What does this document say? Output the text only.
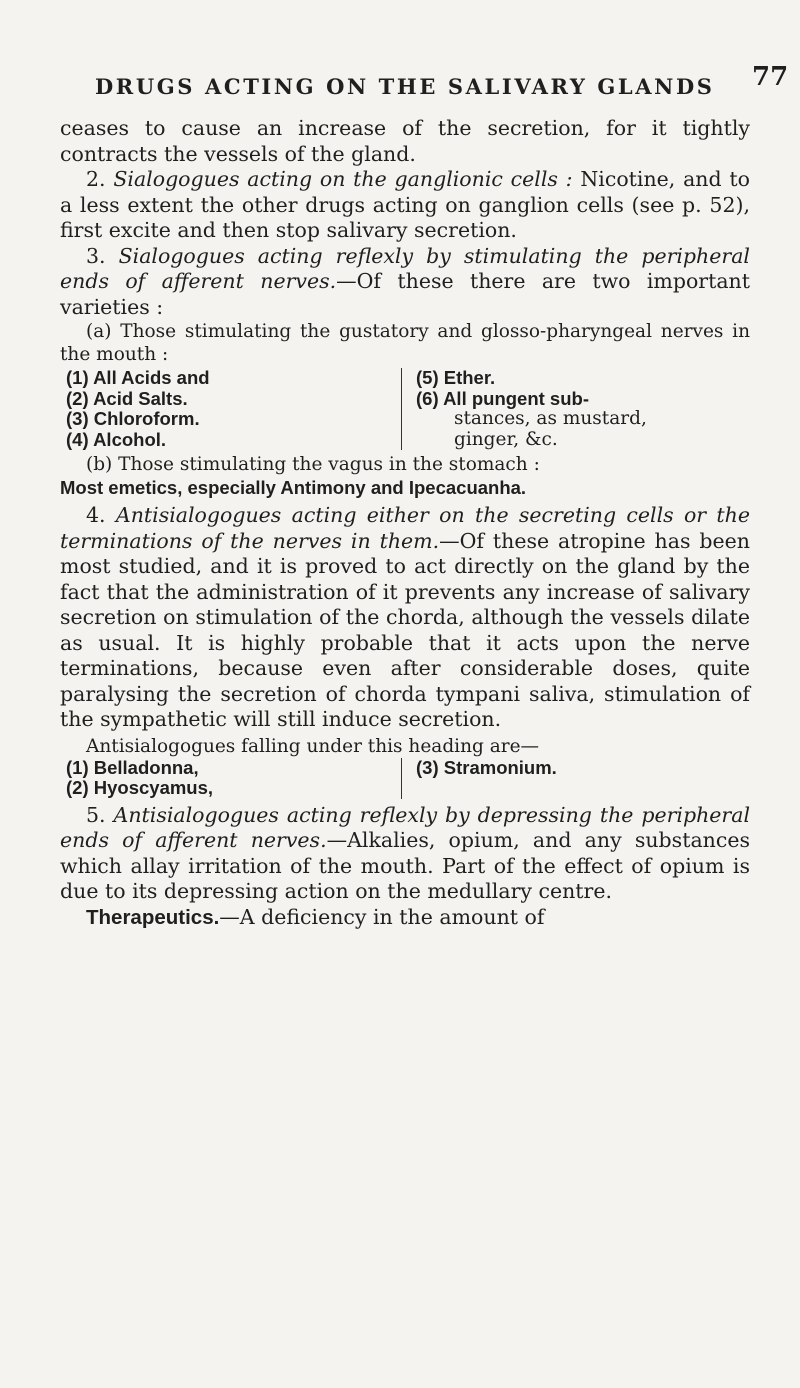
DRUGS ACTING ON THE SALIVARY GLANDS 77

ceases to cause an increase of the secretion, for it tightly contracts the vessels of the gland.

2. Sialogogues acting on the ganglionic cells : Nicotine, and to a less extent the other drugs acting on ganglion cells (see p. 52), first excite and then stop salivary secretion.

3. Sialogogues acting reflexly by stimulating the peripheral ends of afferent nerves.—Of these there are two important varieties :

(a) Those stimulating the gustatory and glosso-pharyngeal nerves in the mouth :

(1) All Acids and
(2) Acid Salts.
(3) Chloroform.
(4) Alcohol.
(5) Ether.
(6) All pungent sub-
stances, as mustard,
ginger, &c.

(b) Those stimulating the vagus in the stomach :

Most emetics, especially Antimony and Ipecacuanha.

4. Antisialogogues acting either on the secreting cells or the terminations of the nerves in them.—Of these atropine has been most studied, and it is proved to act directly on the gland by the fact that the administration of it prevents any increase of salivary secretion on stimulation of the chorda, although the vessels dilate as usual. It is highly probable that it acts upon the nerve terminations, because even after considerable doses, quite paralysing the secretion of chorda tympani saliva, stimulation of the sympathetic will still induce secretion.

Antisialogogues falling under this heading are—

(1) Belladonna,
(2) Hyoscyamus,
(3) Stramonium.

5. Antisialogogues acting reflexly by depressing the peripheral ends of afferent nerves.—Alkalies, opium, and any substances which allay irritation of the mouth. Part of the effect of opium is due to its depressing action on the medullary centre.

Therapeutics.—A deficiency in the amount of
